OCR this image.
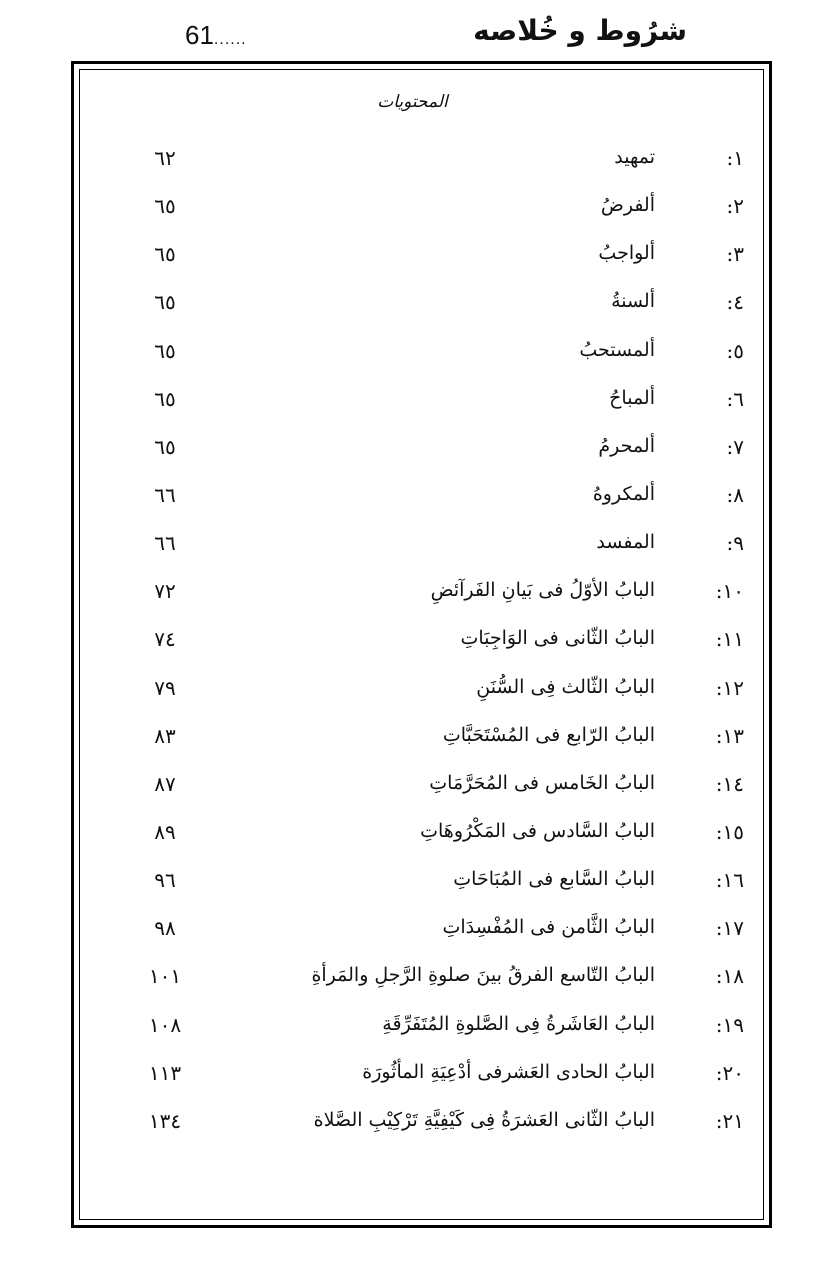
شرُوط و خُلاصه
61......
المحتويات
١:
تمهيد
٦٢
٢:
ألفرضُ
٦٥
٣:
ألواجبُ
٦٥
٤:
ألسنةُ
٦٥
٥:
ألمستحبُ
٦٥
٦:
ألمباحُ
٦٥
٧:
ألمحرمُ
٦٥
٨:
ألمكروهُ
٦٦
٩:
المفسد
٦٦
١٠:
البابُ الأوّلُ فى بَيانِ الفَرآئضِ
٧٢
١١:
البابُ الثّانى فى الوَاجِبَاتِ
٧٤
١٢:
البابُ الثّالث فِى السُّنَنِ
٧٩
١٣:
البابُ الرّابع فى المُسْتَحَبَّاتِ
٨٣
١٤:
البابُ الخَامس فى المُحَرَّمَاتِ
٨٧
١٥:
البابُ السَّادس فى المَكْرُوهَاتِ
٨٩
١٦:
البابُ السَّابع فى المُبَاحَاتِ
٩٦
١٧:
البابُ الثَّامن فى المُفْسِدَاتِ
٩٨
١٨:
البابُ التّاسع الفرقُ بينَ صلوةِ الرَّجلِ والمَرأةِ
١٠١
١٩:
البابُ العَاشَرةُ فِى الصَّلوةِ المُتَفَرِّقَةِ
١٠٨
٢٠:
البابُ الحادى العَشرفى أدْعِيَةِ المأثُورَة
١١٣
٢١:
البابُ الثّانى العَشرَةُ فِى كَيْفِيَّةِ تَرْكِيْبِ الصَّلاة
١٣٤
